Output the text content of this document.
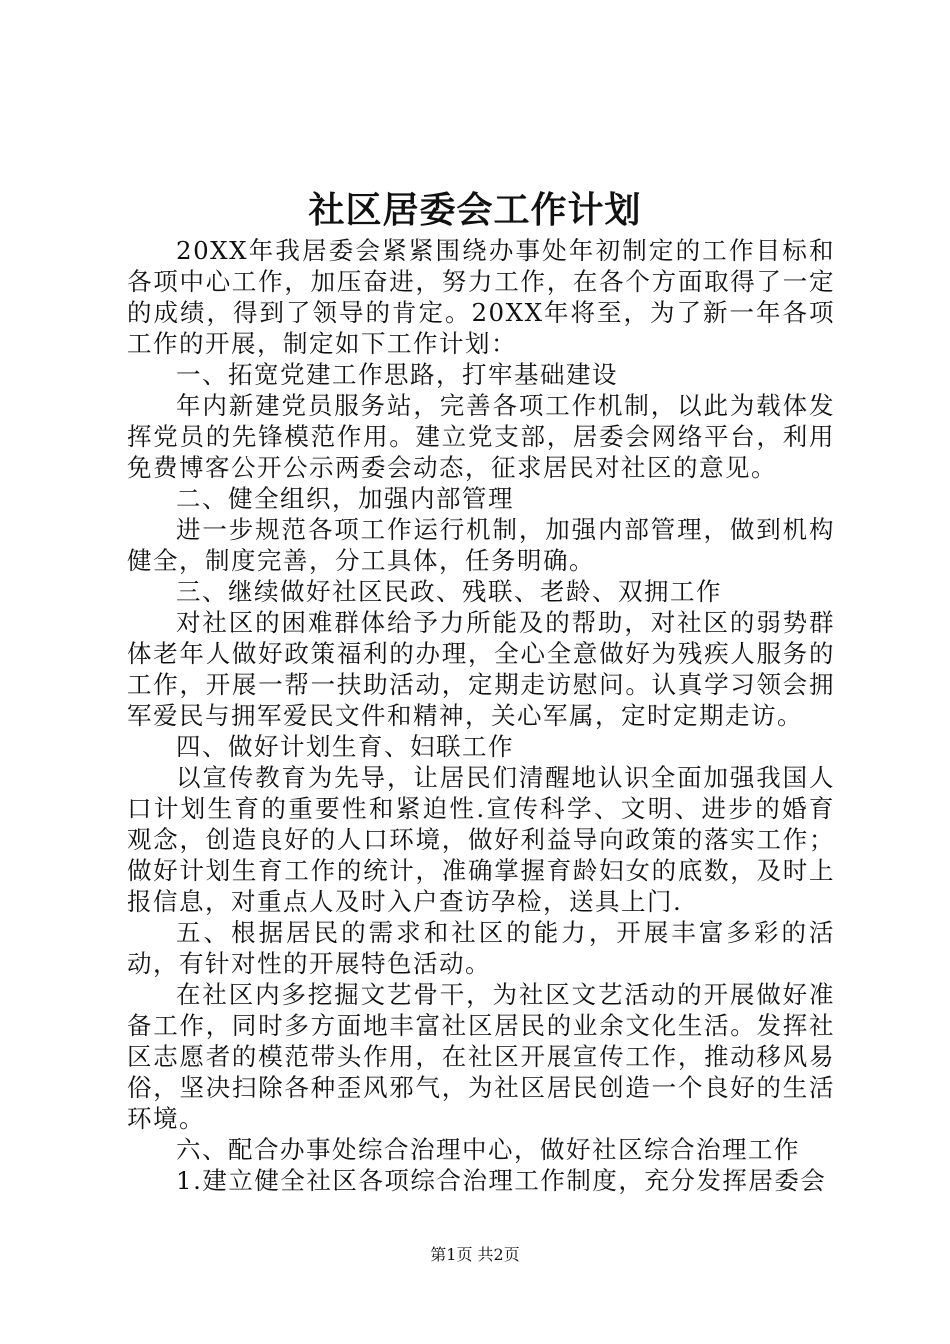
社区居委会工作计划

20XX年我居委会紧紧围绕办事处年初制定的工作目标和各项中心工作，加压奋进，努力工作，在各个方面取得了一定的成绩，得到了领导的肯定。20XX年将至，为了新一年各项工作的开展，制定如下工作计划：

一、拓宽党建工作思路，打牢基础建设

年内新建党员服务站，完善各项工作机制，以此为载体发挥党员的先锋模范作用。建立党支部，居委会网络平台，利用免费博客公开公示两委会动态，征求居民对社区的意见。

二、健全组织，加强内部管理

进一步规范各项工作运行机制，加强内部管理，做到机构健全，制度完善，分工具体，任务明确。

三、继续做好社区民政、残联、老龄、双拥工作

对社区的困难群体给予力所能及的帮助，对社区的弱势群体老年人做好政策福利的办理，全心全意做好为残疾人服务的工作，开展一帮一扶助活动，定期走访慰问。认真学习领会拥军爱民与拥军爱民文件和精神，关心军属，定时定期走访。

四、做好计划生育、妇联工作

以宣传教育为先导，让居民们清醒地认识全面加强我国人口计划生育的重要性和紧迫性.宣传科学、文明、进步的婚育观念，创造良好的人口环境，做好利益导向政策的落实工作；做好计划生育工作的统计，准确掌握育龄妇女的底数，及时上报信息，对重点人及时入户查访孕检，送具上门.

五、根据居民的需求和社区的能力，开展丰富多彩的活动，有针对性的开展特色活动。

在社区内多挖掘文艺骨干，为社区文艺活动的开展做好准备工作，同时多方面地丰富社区居民的业余文化生活。发挥社区志愿者的模范带头作用，在社区开展宣传工作，推动移风易俗，坚决扫除各种歪风邪气，为社区居民创造一个良好的生活环境。

六、配合办事处综合治理中心，做好社区综合治理工作

1.建立健全社区各项综合治理工作制度，充分发挥居委会

第1页 共2页
